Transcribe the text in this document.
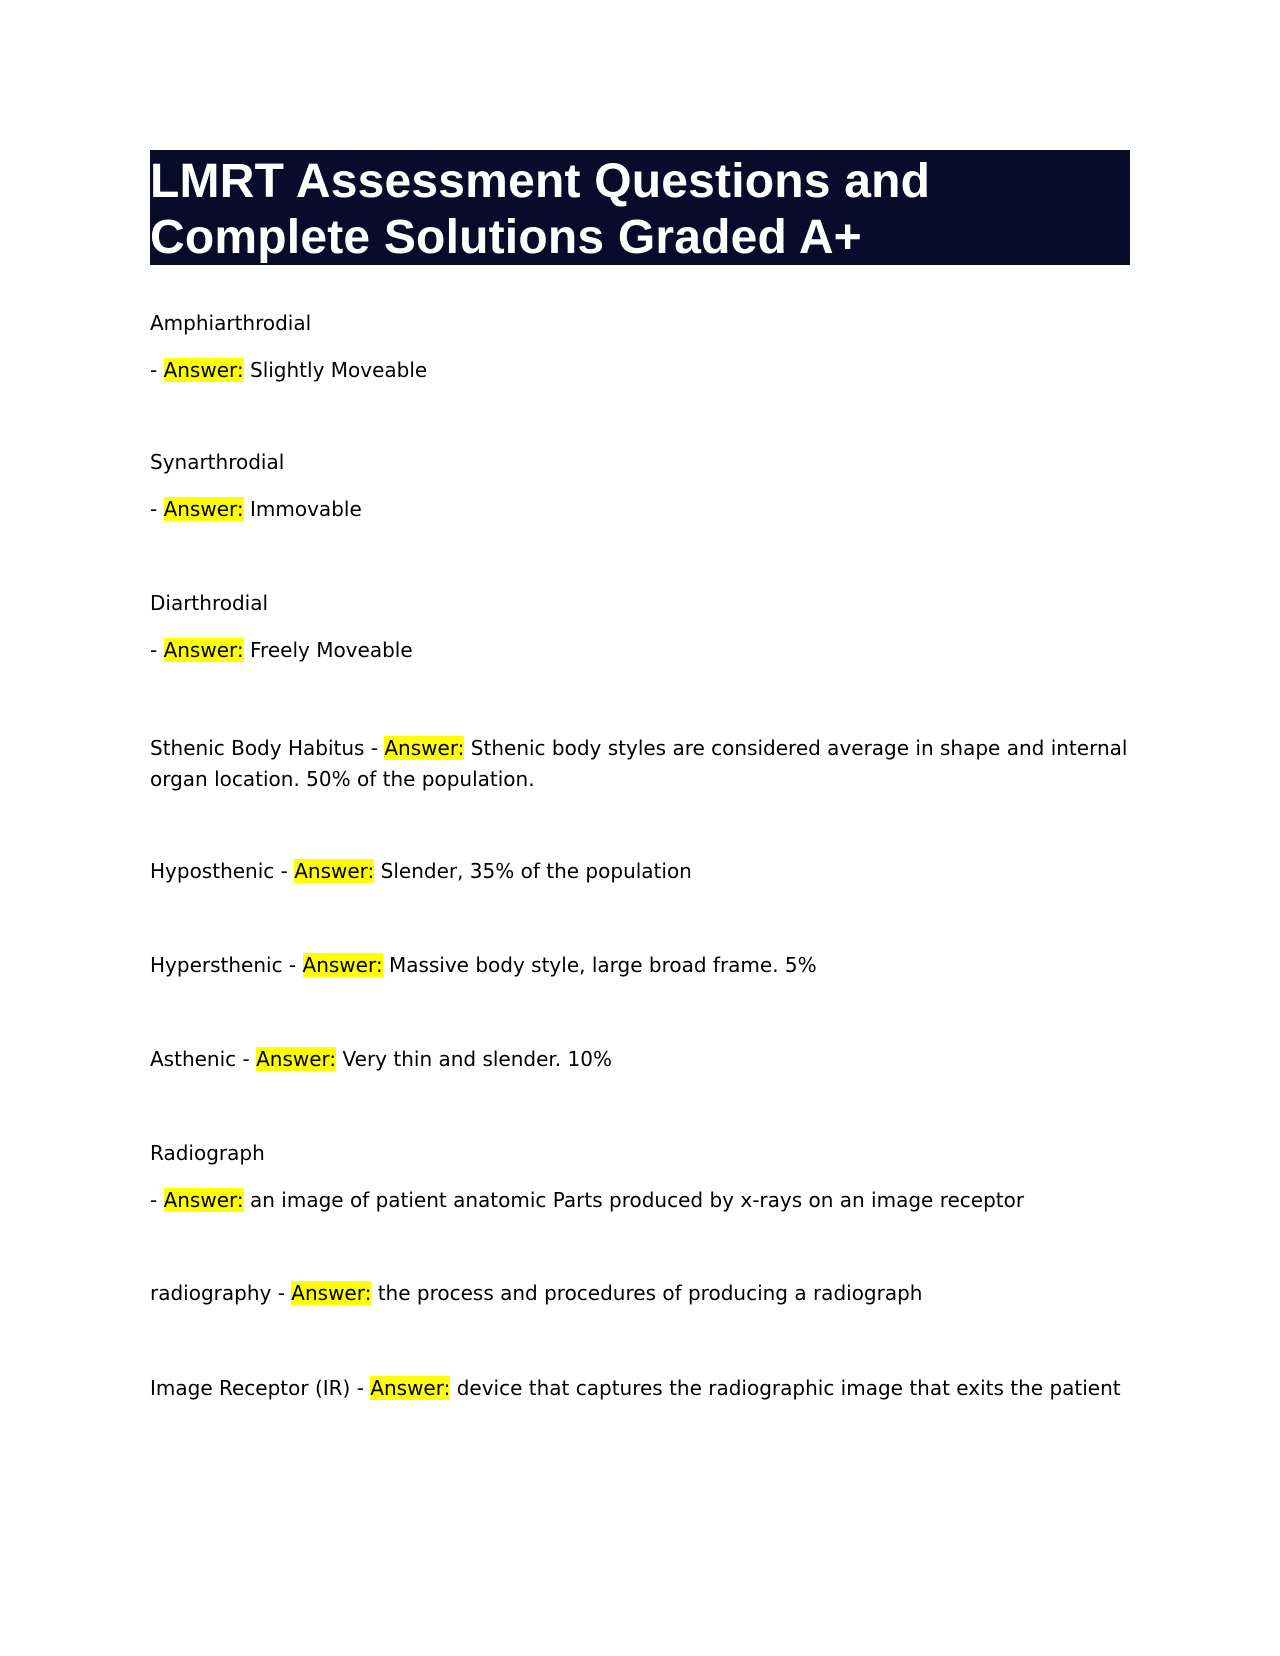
LMRT Assessment Questions and Complete Solutions Graded A+
Amphiarthrodial
- Answer: Slightly Moveable
Synarthrodial
- Answer: Immovable
Diarthrodial
- Answer: Freely Moveable
Sthenic Body Habitus - Answer: Sthenic body styles are considered average in shape and internal organ location. 50% of the population.
Hyposthenic - Answer: Slender, 35% of the population
Hypersthenic - Answer: Massive body style, large broad frame. 5%
Asthenic - Answer: Very thin and slender. 10%
Radiograph
- Answer: an image of patient anatomic Parts produced by x-rays on an image receptor
radiography - Answer: the process and procedures of producing a radiograph
Image Receptor (IR) - Answer: device that captures the radiographic image that exits the patient
